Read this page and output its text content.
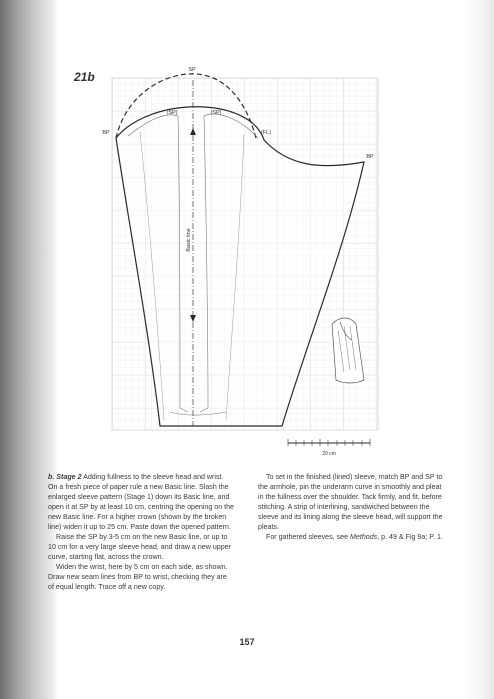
21b
Basic line
SP
(SP)	(SP)
BP	(FL)
BP
20 cm

b. Stage 2 Adding fullness to the sleeve head and wrist.

On a fresh piece of paper rule a new Basic line. Slash the enlarged sleeve pattern (Stage 1) down its Basic line, and open it at SP by at least 10 cm, centring the opening on the new Basic line. For a higher crown (shown by the broken line) widen it up to 25 cm. Paste down the opened pattern.

Raise the SP by 3-5 cm on the new Basic line, or up to 10 cm for a very large sleeve head, and draw a new upper curve, starting flat, across the crown.

Widen the wrist, here by 5 cm on each side, as shown. Draw new seam lines from BP to wrist, checking they are of equal length. Trace off a new copy.

To set in the finished (lined) sleeve, match BP and SP to the armhole, pin the underarm curve in smoothly and pleat in the fullness over the shoulder. Tack firmly, and fit, before stitching. A strip of interlining, sandwiched between the sleeve and its lining along the sleeve head, will support the pleats.

For gathered sleeves, see Methods, p. 49 & Fig 9a; P. 1.

157
